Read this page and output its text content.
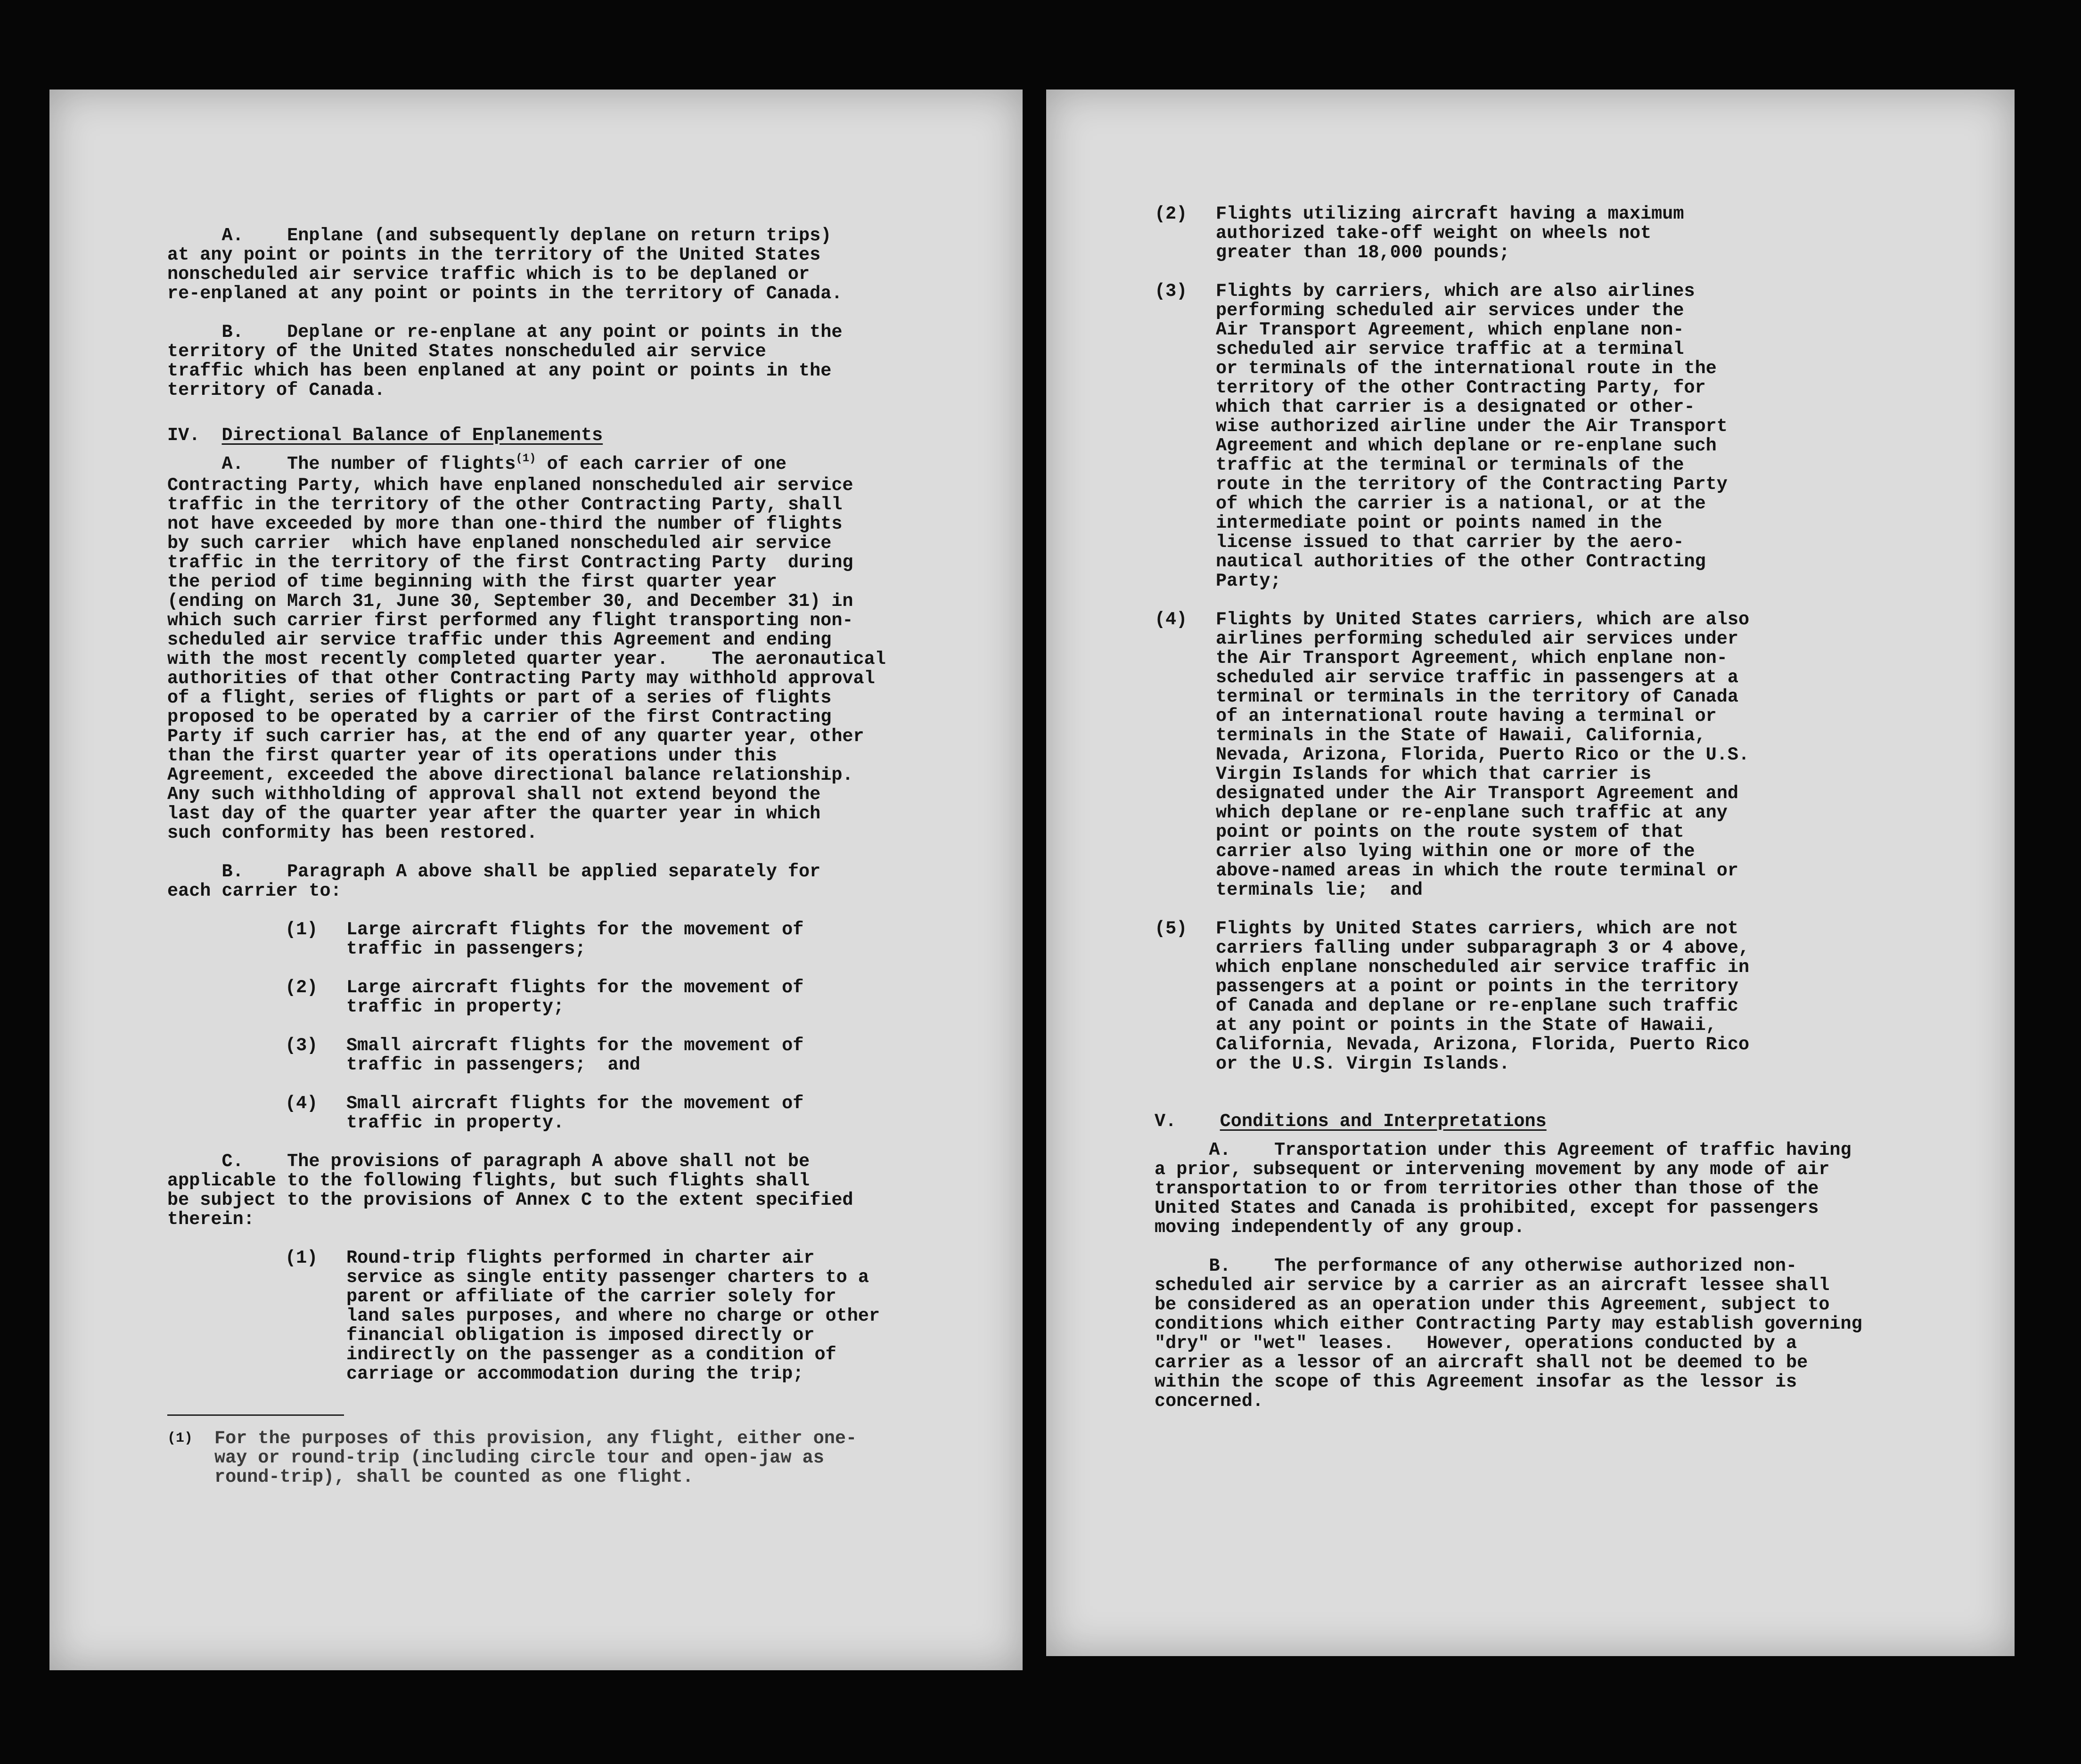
A.    Enplane (and subsequently deplane on return trips)

at any point or points in the territory of the United States

nonscheduled air service traffic which is to be deplaned or

re-enplaned at any point or points in the territory of Canada.

B.    Deplane or re-enplane at any point or points in the

territory of the United States nonscheduled air service

traffic which has been enplaned at any point or points in the

territory of Canada.

IV. Directional Balance of Enplanements

A.    The number of flights$^{(1)}$ of each carrier of one

Contracting Party, which have enplaned nonscheduled air service

traffic in the territory of the other Contracting Party, shall

not have exceeded by more than one-third the number of flights

by such carrier  which have enplaned nonscheduled air service

traffic in the territory of the first Contracting Party  during

the period of time beginning with the first quarter year

(ending on March 31, June 30, September 30, and December 31) in

which such carrier first performed any flight transporting non-

scheduled air service traffic under this Agreement and ending

with the most recently completed quarter year.    The aeronautical

authorities of that other Contracting Party may withhold approval

of a flight, series of flights or part of a series of flights

proposed to be operated by a carrier of the first Contracting

Party if such carrier has, at the end of any quarter year, other

than the first quarter year of its operations under this

Agreement, exceeded the above directional balance relationship.

Any such withholding of approval shall not extend beyond the

last day of the quarter year after the quarter year in which

such conformity has been restored.

B.    Paragraph A above shall be applied separately for

each carrier to:

(1)	Large aircraft flights for the movement of

traffic in passengers;

(2)	Large aircraft flights for the movement of

traffic in property;

(3)	Small aircraft flights for the movement of

traffic in passengers;  and

(4)	Small aircraft flights for the movement of

traffic in property.

C.    The provisions of paragraph A above shall not be

applicable to the following flights, but such flights shall

be subject to the provisions of Annex C to the extent specified

therein:

(1)	Round-trip flights performed in charter air

service as single entity passenger charters to a

parent or affiliate of the carrier solely for

land sales purposes, and where no charge or other

financial obligation is imposed directly or

indirectly on the passenger as a condition of

carriage or accommodation during the trip;

(1)	For the purposes of this provision, any flight, either one-

way or round-trip (including circle tour and open-jaw as

round-trip), shall be counted as one flight.

(2)	Flights utilizing aircraft having a maximum

authorized take-off weight on wheels not

greater than 18,000 pounds;

(3)	Flights by carriers, which are also airlines

performing scheduled air services under the

Air Transport Agreement, which enplane non-

scheduled air service traffic at a terminal

or terminals of the international route in the

territory of the other Contracting Party, for

which that carrier is a designated or other-

wise authorized airline under the Air Transport

Agreement and which deplane or re-enplane such

traffic at the terminal or terminals of the

route in the territory of the Contracting Party

of which the carrier is a national, or at the

intermediate point or points named in the

license issued to that carrier by the aero-

nautical authorities of the other Contracting

Party;

(4)	Flights by United States carriers, which are also

airlines performing scheduled air services under

the Air Transport Agreement, which enplane non-

scheduled air service traffic in passengers at a

terminal or terminals in the territory of Canada

of an international route having a terminal or

terminals in the State of Hawaii, California,

Nevada, Arizona, Florida, Puerto Rico or the U.S.

Virgin Islands for which that carrier is

designated under the Air Transport Agreement and

which deplane or re-enplane such traffic at any

point or points on the route system of that

carrier also lying within one or more of the

above-named areas in which the route terminal or

terminals lie;  and

(5)	Flights by United States carriers, which are not

carriers falling under subparagraph 3 or 4 above,

which enplane nonscheduled air service traffic in

passengers at a point or points in the territory

of Canada and deplane or re-enplane such traffic

at any point or points in the State of Hawaii,

California, Nevada, Arizona, Florida, Puerto Rico

or the U.S. Virgin Islands.

V. Conditions and Interpretations

A.    Transportation under this Agreement of traffic having

a prior, subsequent or intervening movement by any mode of air

transportation to or from territories other than those of the

United States and Canada is prohibited, except for passengers

moving independently of any group.

B.    The performance of any otherwise authorized non-

scheduled air service by a carrier as an aircraft lessee shall

be considered as an operation under this Agreement, subject to

conditions which either Contracting Party may establish governing

"dry" or "wet" leases.   However, operations conducted by a

carrier as a lessor of an aircraft shall not be deemed to be

within the scope of this Agreement insofar as the lessor is

concerned.
